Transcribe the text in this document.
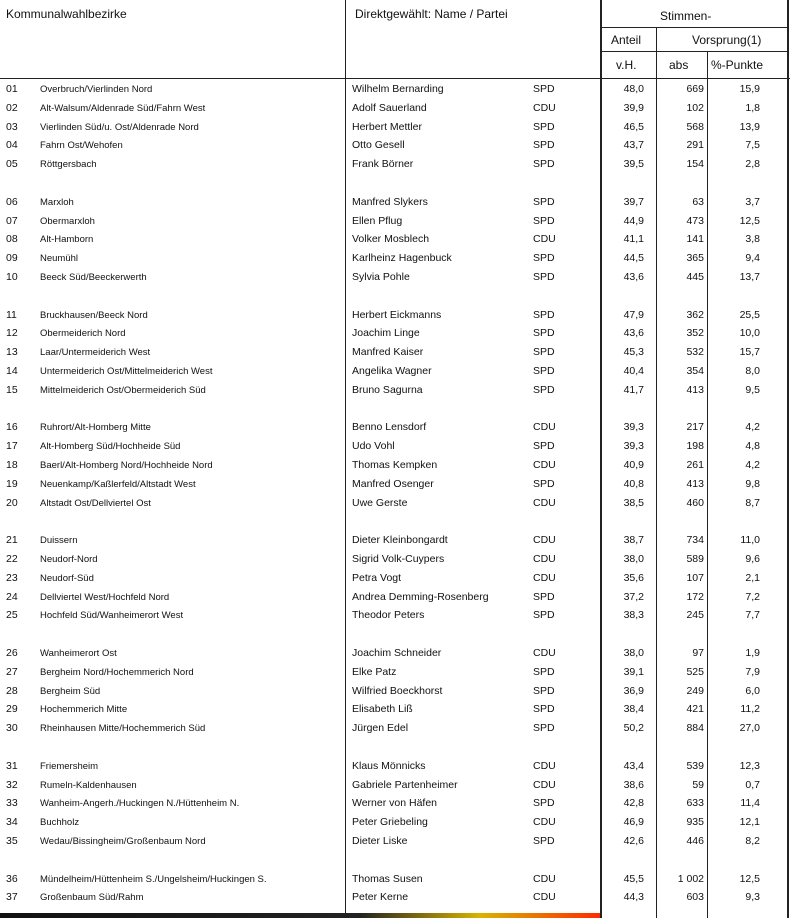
Kommunalwahlbezirke	Direktgewählt: Name / Partei	Stimmen-
Anteil	Vorsprung(1)
v.H.	abs %-Punkte
01 Overbruch/Vierlinden Nord	Wilhelm Bernarding	SPD	48,0	669	15,9
02 Alt-Walsum/Aldenrade Süd/Fahrn West	Adolf Sauerland	CDU	39,9	102	1,8
03 Vierlinden Süd/u. Ost/Aldenrade Nord	Herbert Mettler	SPD	46,5	568	13,9
04 Fahrn Ost/Wehofen	Otto Gesell	SPD	43,7	291	7,5
05 Röttgersbach	Frank Börner	SPD	39,5	154	2,8
06 Marxloh	Manfred Slykers	SPD	39,7	63	3,7
07 Obermarxloh	Ellen Pflug	SPD	44,9	473	12,5
08 Alt-Hamborn	Volker Mosblech	CDU	41,1	141	3,8
09 Neumühl	Karlheinz Hagenbuck	SPD	44,5	365	9,4
10 Beeck Süd/Beeckerwerth	Sylvia Pohle	SPD	43,6	445	13,7
11 Bruckhausen/Beeck Nord	Herbert Eickmanns	SPD	47,9	362	25,5
12 Obermeiderich Nord	Joachim Linge	SPD	43,6	352	10,0
13 Laar/Untermeiderich West	Manfred Kaiser	SPD	45,3	532	15,7
14 Untermeiderich Ost/Mittelmeiderich West	Angelika Wagner	SPD	40,4	354	8,0
15 Mittelmeiderich Ost/Obermeiderich Süd	Bruno Sagurna	SPD	41,7	413	9,5
16 Ruhrort/Alt-Homberg Mitte	Benno Lensdorf	CDU	39,3	217	4,2
17 Alt-Homberg Süd/Hochheide Süd	Udo Vohl	SPD	39,3	198	4,8
18 Baerl/Alt-Homberg Nord/Hochheide Nord	Thomas Kempken	CDU	40,9	261	4,2
19 Neuenkamp/Kaßlerfeld/Altstadt West	Manfred Osenger	SPD	40,8	413	9,8
20 Altstadt Ost/Dellviertel Ost	Uwe Gerste	CDU	38,5	460	8,7
21 Duissern	Dieter Kleinbongardt	CDU	38,7	734	11,0
22 Neudorf-Nord	Sigrid Volk-Cuypers	CDU	38,0	589	9,6
23 Neudorf-Süd	Petra Vogt	CDU	35,6	107	2,1
24 Dellviertel West/Hochfeld Nord	Andrea Demming-Rosenberg	SPD	37,2	172	7,2
25 Hochfeld Süd/Wanheimerort West	Theodor Peters	SPD	38,3	245	7,7
26 Wanheimerort Ost	Joachim Schneider	CDU	38,0	97	1,9
27 Bergheim Nord/Hochemmerich Nord	Elke Patz	SPD	39,1	525	7,9
28 Bergheim Süd	Wilfried Boeckhorst	SPD	36,9	249	6,0
29 Hochemmerich Mitte	Elisabeth Liß	SPD	38,4	421	11,2
30 Rheinhausen Mitte/Hochemmerich Süd	Jürgen Edel	SPD	50,2	884	27,0
31 Friemersheim	Klaus Mönnicks	CDU	43,4	539	12,3
32 Rumeln-Kaldenhausen	Gabriele Partenheimer	CDU	38,6	59	0,7
33 Wanheim-Angerh./Huckingen N./Hüttenheim N.	Werner von Häfen	SPD	42,8	633	11,4
34 Buchholz	Peter Griebeling	CDU	46,9	935	12,1
35 Wedau/Bissingheim/Großenbaum Nord	Dieter Liske	SPD	42,6	446	8,2
36 Mündelheim/Hüttenheim S./Ungelsheim/Huckingen S.	Thomas Susen	CDU	45,5	1 002	12,5
37 Großenbaum Süd/Rahm	Peter Kerne	CDU	44,3	603	9,3
